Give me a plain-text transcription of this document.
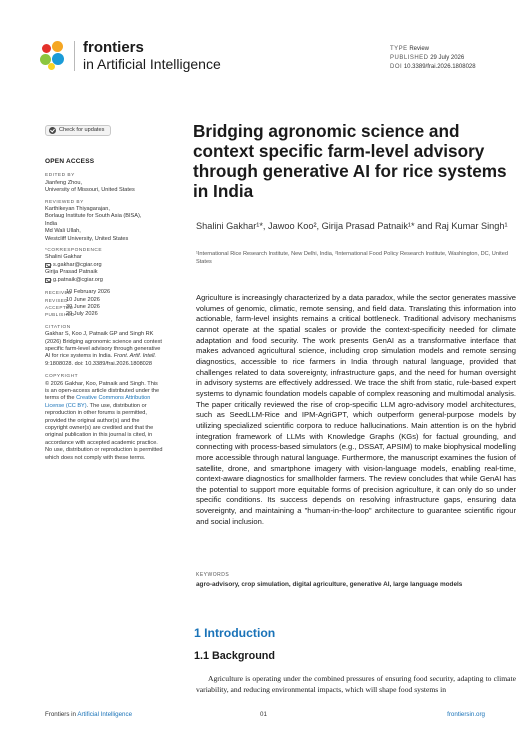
frontiers
in Artificial Intelligence
TYPE Review
PUBLISHED 29 July 2026
DOI 10.3389/frai.2026.1808028
Check for updates
OPEN ACCESS
EDITED BY
Jianfeng Zhou,
University of Missouri, United States
REVIEWED BY
Karthikeyan Thiyagarajan,
Borlaug Institute for South Asia (BISA),
India
Md Wali Ullah,
Westcliff University, United States
*CORRESPONDENCE
Shalini Gakhar
s.gakhar@cgiar.org
Girija Prasad Patnaik
g.patnaik@cgiar.org
RECEIVED
10 February 2026
REVISED
10 June 2026
ACCEPTED
30 June 2026
PUBLISHED
29 July 2026
CITATION
Gakhar S, Koo J, Patnaik GP and Singh RK (2026) Bridging agronomic science and context specific farm-level advisory through generative AI for rice systems in India. Front. Artif. Intell. 9:1808028. doi: 10.3389/frai.2026.1808028
COPYRIGHT
© 2026 Gakhar, Koo, Patnaik and Singh. This is an open-access article distributed under the terms of the Creative Commons Attribution License (CC BY). The use, distribution or reproduction in other forums is permitted, provided the original author(s) and the copyright owner(s) are credited and that the original publication in this journal is cited, in accordance with accepted academic practice. No use, distribution or reproduction is permitted which does not comply with these terms.
Bridging agronomic science and context specific farm-level advisory through generative AI for rice systems in India
Shalini Gakhar¹*, Jawoo Koo², Girija Prasad Patnaik¹* and Raj Kumar Singh¹
¹International Rice Research Institute, New Delhi, India, ²International Food Policy Research Institute, Washington, DC, United States

Agriculture is increasingly characterized by a data paradox, while the sector generates massive volumes of genomic, climatic, remote sensing, and field data. Translating this information into actionable, farm-level insights remains a critical bottleneck. Traditional advisory mechanisms cannot operate at the spatial scales or provide the context-specificity needed for climate adaptation and food security. The work presents GenAI as a transformative interface that makes advanced agricultural science, including crop simulation models and remote sensing diagnostics, accessible to rice farmers in India through natural language, provided that challenges related to data sovereignty, infrastructure gaps, and the need for human oversight in advisory systems are effectively addressed. We trace the shift from static, rule-based expert systems to dynamic foundation models capable of complex reasoning and multimodal analysis. The paper critically reviewed the rise of crop-specific LLM agro-advisory model architectures, such as SeedLLM-Rice and IPM-AgriGPT, which outperform general-purpose models by utilizing specialized scientific corpora to reduce hallucinations. Main attention is on the hybrid integration framework of LLMs with Knowledge Graphs (KGs) for factual grounding, and connecting with process-based simulators (e.g., DSSAT, APSIM) to make biophysical modelling more accessible through natural language. Furthermore, the manuscript examines the fusion of satellite, drone, and smartphone imagery with vision-language models, enabling real-time, context-aware diagnostics for smallholder farmers. The review concludes that while GenAI has the potential to support more equitable forms of precision agriculture, it can only do so under specific conditions. Its success depends on resolving infrastructure gaps, ensuring data sovereignty, and maintaining a "human-in-the-loop" architecture to guarantee scientific rigour and social inclusion.

KEYWORDS
agro-advisory, crop simulation, digital agriculture, generative AI, large language models
1 Introduction
1.1 Background

Agriculture is operating under the combined pressures of ensuring food security, adapting to climate variability, and reducing environmental impacts, which will shape food systems in

Frontiers in Artificial Intelligence	01	frontiersin.org
